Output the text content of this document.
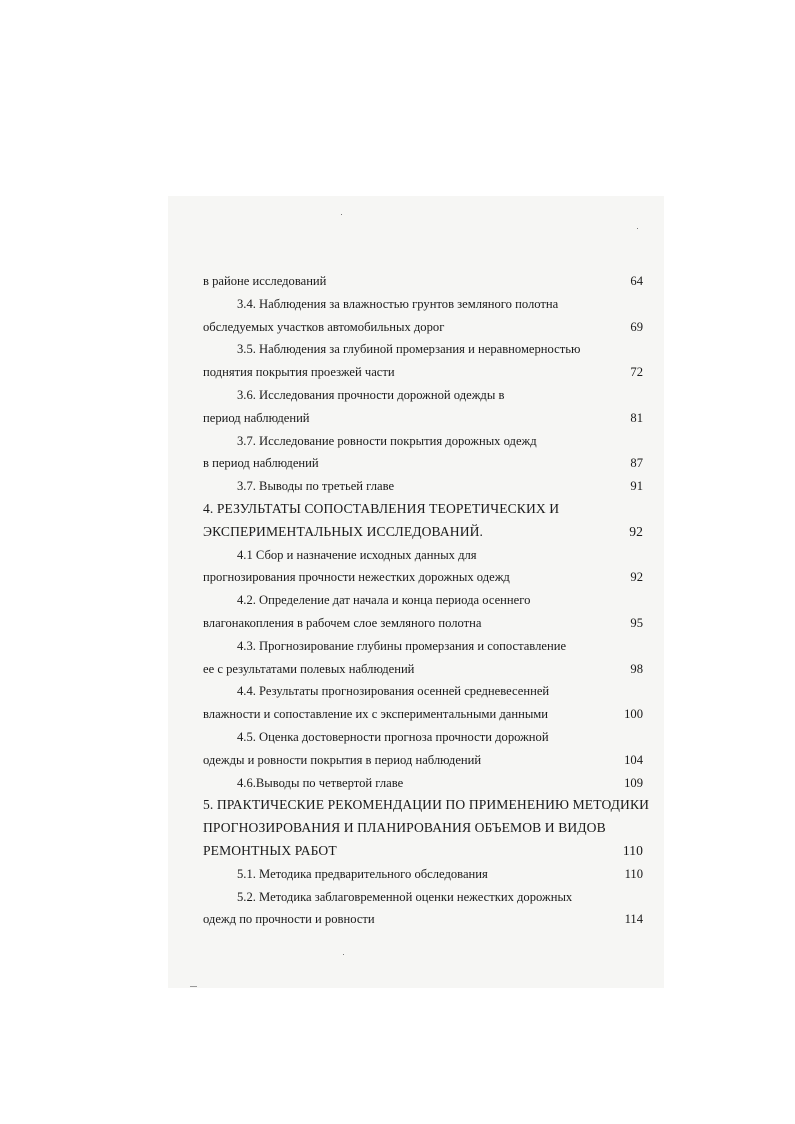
в районе исследований	64
3.4. Наблюдения за влажностью грунтов земляного полотна
обследуемых участков автомобильных дорог	69
3.5. Наблюдения за глубиной промерзания и неравномерностью
поднятия покрытия проезжей части	72
3.6. Исследования прочности дорожной одежды в
период наблюдений	81
3.7. Исследование ровности покрытия дорожных одежд
в период наблюдений	87
3.7. Выводы по третьей главе	91
4. РЕЗУЛЬТАТЫ СОПОСТАВЛЕНИЯ ТЕОРЕТИЧЕСКИХ И
ЭКСПЕРИМЕНТАЛЬНЫХ ИССЛЕДОВАНИЙ.	92
4.1 Сбор и назначение исходных данных для
прогнозирования прочности нежестких дорожных одежд	92
4.2. Определение дат начала и конца периода осеннего
влагонакопления в рабочем слое земляного полотна	95
4.3. Прогнозирование глубины промерзания и сопоставление
ее с результатами полевых наблюдений	98
4.4. Результаты прогнозирования осенней средневесенней
влажности и сопоставление их с экспериментальными данными	100
4.5. Оценка достоверности прогноза прочности дорожной
одежды и ровности покрытия в период наблюдений	104
4.6.Выводы по четвертой главе	109
5. ПРАКТИЧЕСКИЕ РЕКОМЕНДАЦИИ ПО ПРИМЕНЕНИЮ МЕТОДИКИ
ПРОГНОЗИРОВАНИЯ И ПЛАНИРОВАНИЯ ОБЪЕМОВ И ВИДОВ
РЕМОНТНЫХ РАБОТ	110
5.1. Методика предварительного обследования	110
5.2. Методика заблаговременной оценки нежестких дорожных
одежд по прочности и ровности	114
